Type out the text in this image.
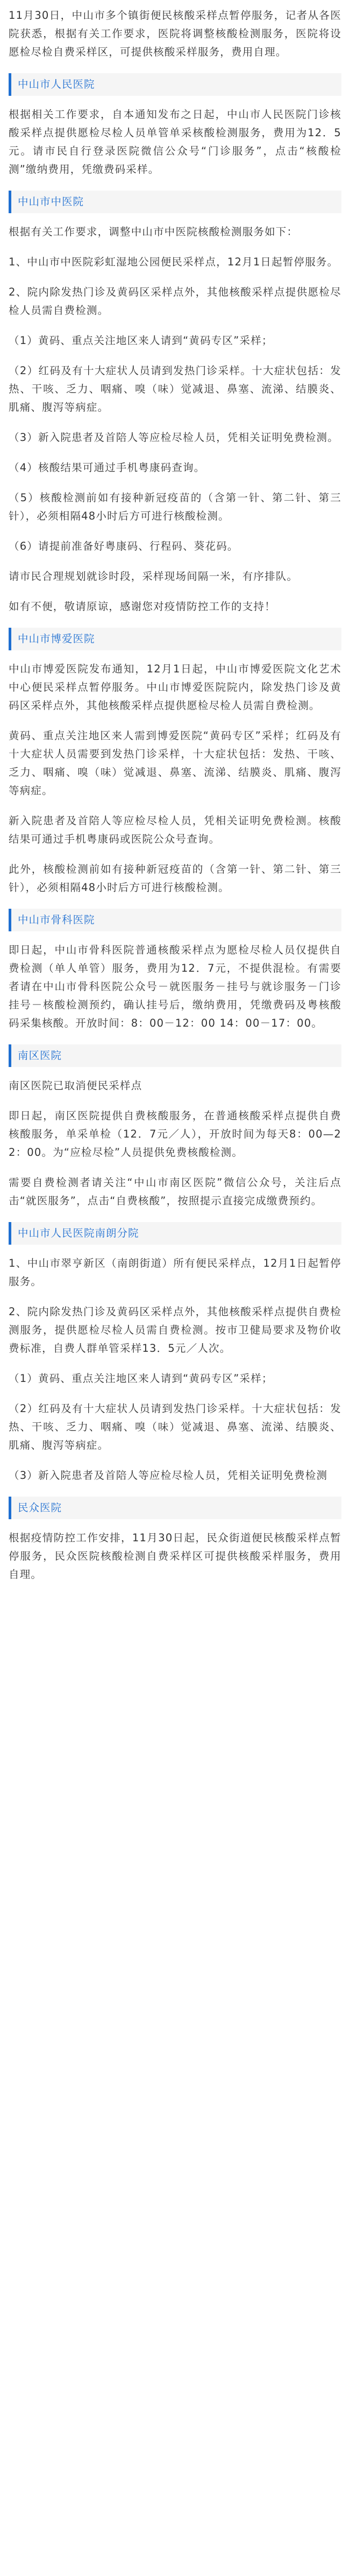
11月30日，中山市多个镇街便民核酸采样点暂停服务，记者从各医院获悉，根据有关工作要求，医院将调整核酸检测服务，医院将设愿检尽检自费采样区，可提供核酸采样服务，费用自理。

中山市人民医院

根据相关工作要求，自本通知发布之日起，中山市人民医院门诊核酸采样点提供愿检尽检人员单管单采核酸检测服务，费用为12．5元。请市民自行登录医院微信公众号“门诊服务”，点击“核酸检测”缴纳费用，凭缴费码采样。

中山市中医院

根据有关工作要求，调整中山市中医院核酸检测服务如下：

1、中山市中医院彩虹湿地公园便民采样点，12月1日起暂停服务。

2、院内除发热门诊及黄码区采样点外，其他核酸采样点提供愿检尽检人员需自费检测。

（1）黄码、重点关注地区来人请到“黄码专区”采样；

（2）红码及有十大症状人员请到发热门诊采样。十大症状包括：发热、干咳、乏力、咽痛、嗅（味）觉减退、鼻塞、流涕、结膜炎、肌痛、腹泻等病症。

（3）新入院患者及首陪人等应检尽检人员，凭相关证明免费检测。

（4）核酸结果可通过手机粤康码查询。

（5）核酸检测前如有接种新冠疫苗的（含第一针、第二针、第三针），必须相隔48小时后方可进行核酸检测。

（6）请提前准备好粤康码、行程码、葵花码。

请市民合理规划就诊时段，采样现场间隔一米，有序排队。

如有不便，敬请原谅，感谢您对疫情防控工作的支持！

中山市博爱医院

中山市博爱医院发布通知，12月1日起，中山市博爱医院文化艺术中心便民采样点暂停服务。中山市博爱医院院内，除发热门诊及黄码区采样点外，其他核酸采样点提供愿检尽检人员需自费检测。

黄码、重点关注地区来人需到博爱医院“黄码专区”采样；红码及有十大症状人员需要到发热门诊采样，十大症状包括：发热、干咳、乏力、咽痛、嗅（味）觉减退、鼻塞、流涕、结膜炎、肌痛、腹泻等病症。

新入院患者及首陪人等应检尽检人员，凭相关证明免费检测。核酸结果可通过手机粤康码或医院公众号查询。

此外，核酸检测前如有接种新冠疫苗的（含第一针、第二针、第三针），必须相隔48小时后方可进行核酸检测。

中山市骨科医院

即日起，中山市骨科医院普通核酸采样点为愿检尽检人员仅提供自费检测（单人单管）服务，费用为12．7元，不提供混检。有需要者请在中山市骨科医院公众号－就医服务－挂号与就诊服务－门诊挂号－核酸检测预约，确认挂号后，缴纳费用，凭缴费码及粤核酸码采集核酸。开放时间：8：00－12：00 14：00－17：00。

南区医院

南区医院已取消便民采样点

即日起，南区医院提供自费核酸服务，在普通核酸采样点提供自费核酸服务，单采单检（12．7元／人），开放时间为每天8：00—22：00。为“应检尽检”人员提供免费核酸检测。

需要自费检测者请关注“中山市南区医院”微信公众号，关注后点击“就医服务”，点击“自费核酸”，按照提示直接完成缴费预约。

中山市人民医院南朗分院

1、中山市翠亨新区（南朗街道）所有便民采样点，12月1日起暂停服务。

2、院内除发热门诊及黄码区采样点外，其他核酸采样点提供自费检测服务，提供愿检尽检人员需自费检测。按市卫健局要求及物价收费标准，自费人群单管采样13．5元／人次。

（1）黄码、重点关注地区来人请到“黄码专区”采样；

（2）红码及有十大症状人员请到发热门诊采样。十大症状包括：发热、干咳、乏力、咽痛、嗅（味）觉减退、鼻塞、流涕、结膜炎、肌痛、腹泻等病症。

（3）新入院患者及首陪人等应检尽检人员，凭相关证明免费检测

民众医院

根据疫情防控工作安排，11月30日起，民众街道便民核酸采样点暂停服务，民众医院核酸检测自费采样区可提供核酸采样服务，费用自理。
